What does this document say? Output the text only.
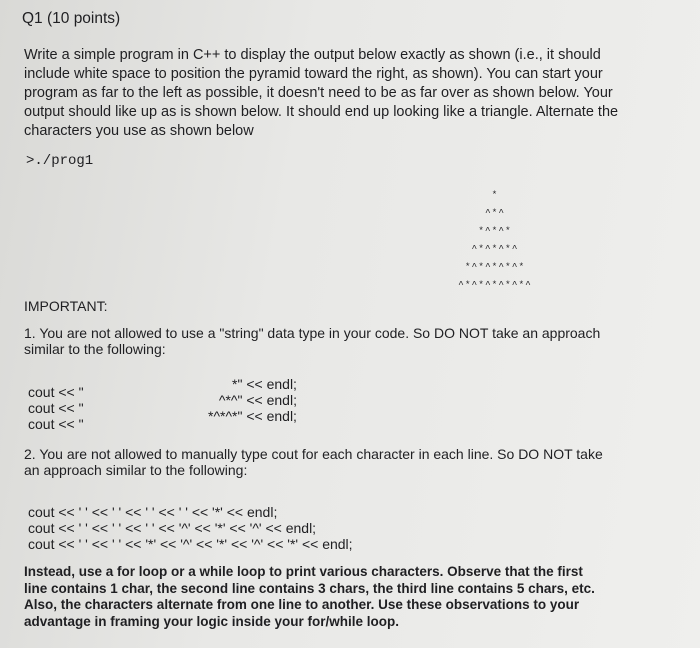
Q1 (10 points)
Write a simple program in C++ to display the output below exactly as shown (i.e., it should
include white space to position the pyramid toward the right, as shown). You can start your
program as far to the left as possible, it doesn't need to be as far over as shown below. Your
output should like up as is shown below. It should end up looking like a triangle. Alternate the
characters you use as shown below
>./prog1
*
^*^
*^*^*
^*^*^*^
*^*^*^*^*
^*^*^*^*^*^
IMPORTANT:
1. You are not allowed to use a "string" data type in your code. So DO NOT take an approach
similar to the following:
cout << "
cout << "
cout << "
*" << endl;
^*^" << endl;
*^*^*" << endl;
2. You are not allowed to manually type cout for each character in each line. So DO NOT take
an approach similar to the following:
cout << ' ' << ' ' << ' ' << ' ' << '*' << endl;
cout << ' ' << ' ' << ' ' << '^' << '*' << '^' << endl;
cout << ' ' << ' ' << '*' << '^' << '*' << '^' << '*' << endl;
Instead, use a for loop or a while loop to print various characters. Observe that the first
line contains 1 char, the second line contains 3 chars, the third line contains 5 chars, etc.
Also, the characters alternate from one line to another. Use these observations to your
advantage in framing your logic inside your for/while loop.
